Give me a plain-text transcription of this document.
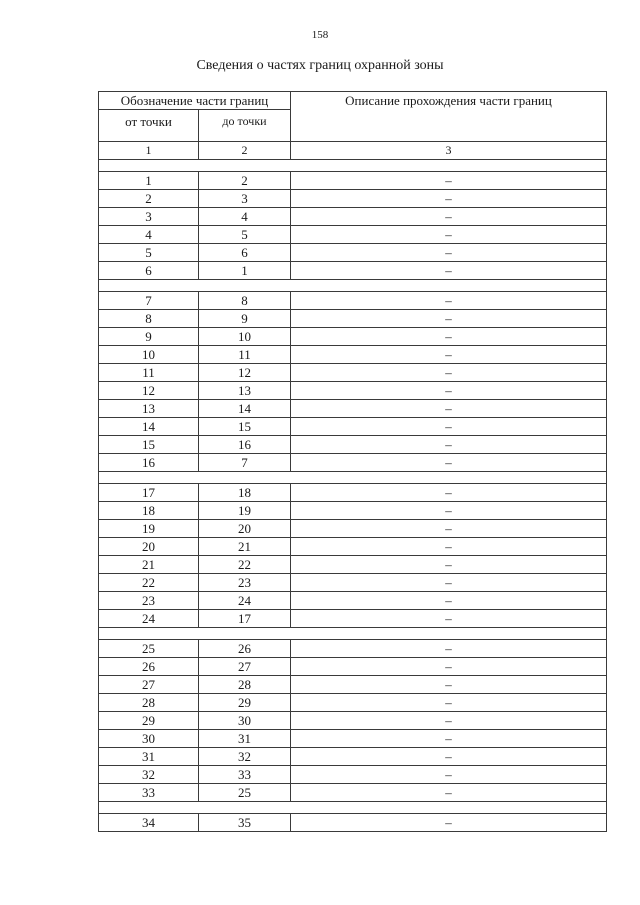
158
Сведения о частях границ охранной зоны
Обозначение части границ		Описание прохождения части границ
от точки	до точки	
1	2	3

1	2	–
2	3	–
3	4	–
4	5	–
5	6	–
6	1	–

7	8	–
8	9	–
9	10	–
10	11	–
11	12	–
12	13	–
13	14	–
14	15	–
15	16	–
16	7	–

17	18	–
18	19	–
19	20	–
20	21	–
21	22	–
22	23	–
23	24	–
24	17	–

25	26	–
26	27	–
27	28	–
28	29	–
29	30	–
30	31	–
31	32	–
32	33	–
33	25	–

34	35	–
